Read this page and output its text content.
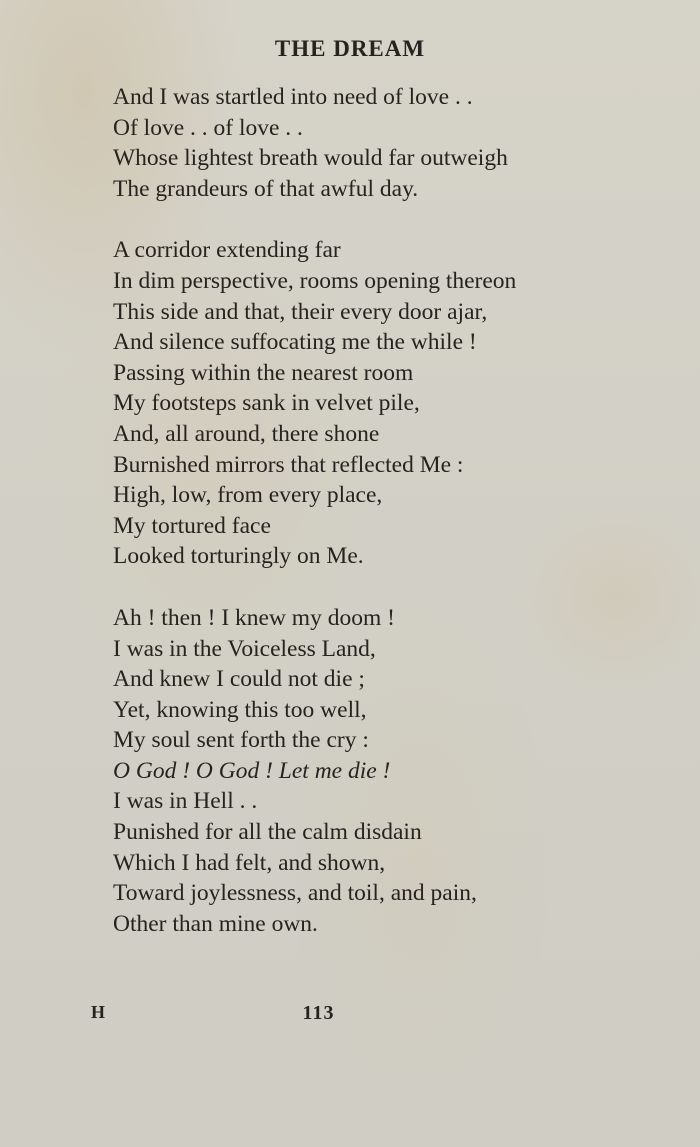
THE DREAM
And I was startled into need of love . .
Of love . . of love . .
Whose lightest breath would far outweigh
The grandeurs of that awful day.
A corridor extending far
In dim perspective, rooms opening thereon
This side and that, their every door ajar,
And silence suffocating me the while !
Passing within the nearest room
My footsteps sank in velvet pile,
And, all around, there shone
Burnished mirrors that reflected Me :
High, low, from every place,
My tortured face
Looked torturingly on Me.
Ah ! then ! I knew my doom !
I was in the Voiceless Land,
And knew I could not die ;
Yet, knowing this too well,
My soul sent forth the cry :
O God ! O God ! Let me die !
I was in Hell . .
Punished for all the calm disdain
Which I had felt, and shown,
Toward joylessness, and toil, and pain,
Other than mine own.
H	113
